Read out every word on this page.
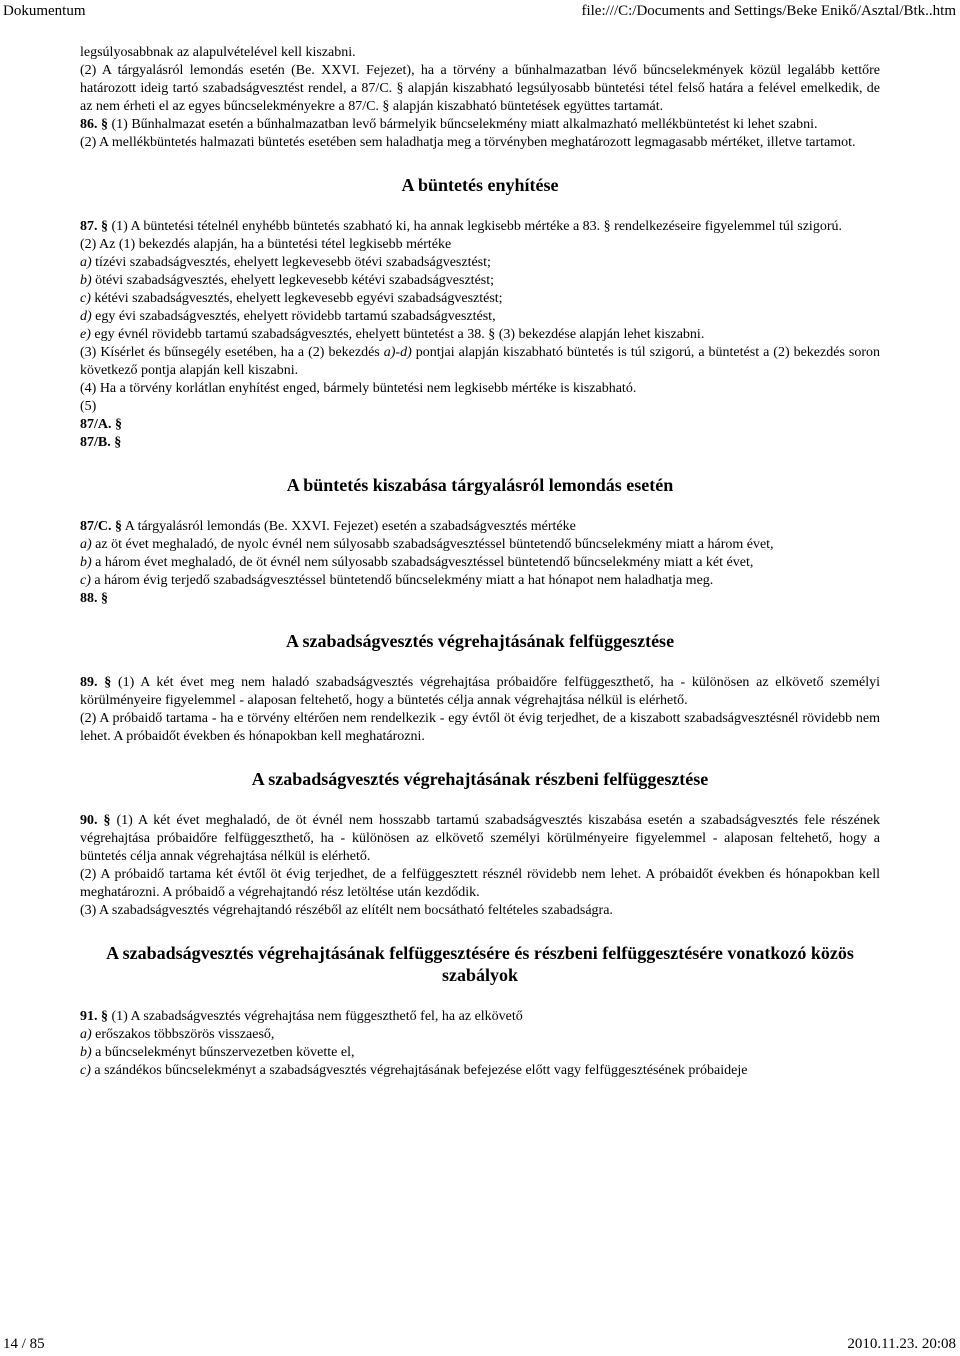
Dokumentum	file:///C:/Documents and Settings/Beke Enikő/Asztal/Btk..htm

legsúlyosabbnak az alapulvételével kell kiszabni.

(2) A tárgyalásról lemondás esetén (Be. XXVI. Fejezet), ha a törvény a bűnhalmazatban lévő bűncselekmények közül legalább kettőre határozott ideig tartó szabadságvesztést rendel, a 87/C. § alapján kiszabható legsúlyosabb büntetési tétel felső határa a felével emelkedik, de az nem érheti el az egyes bűncselekményekre a 87/C. § alapján kiszabható büntetések együttes tartamát.

86. § (1) Bűnhalmazat esetén a bűnhalmazatban levő bármelyik bűncselekmény miatt alkalmazható mellékbüntetést ki lehet szabni.

(2) A mellékbüntetés halmazati büntetés esetében sem haladhatja meg a törvényben meghatározott legmagasabb mértéket, illetve tartamot.

A büntetés enyhítése

87. § (1) A büntetési tételnél enyhébb büntetés szabható ki, ha annak legkisebb mértéke a 83. § rendelkezéseire figyelemmel túl szigorú.

(2) Az (1) bekezdés alapján, ha a büntetési tétel legkisebb mértéke

a) tízévi szabadságvesztés, ehelyett legkevesebb ötévi szabadságvesztést;

b) ötévi szabadságvesztés, ehelyett legkevesebb kétévi szabadságvesztést;

c) kétévi szabadságvesztés, ehelyett legkevesebb egyévi szabadságvesztést;

d) egy évi szabadságvesztés, ehelyett rövidebb tartamú szabadságvesztést,

e) egy évnél rövidebb tartamú szabadságvesztés, ehelyett büntetést a 38. § (3) bekezdése alapján lehet kiszabni.

(3) Kísérlet és bűnsegély esetében, ha a (2) bekezdés a)-d) pontjai alapján kiszabható büntetés is túl szigorú, a büntetést a (2) bekezdés soron következő pontja alapján kell kiszabni.

(4) Ha a törvény korlátlan enyhítést enged, bármely büntetési nem legkisebb mértéke is kiszabható.

(5)

87/A. §

87/B. §

A büntetés kiszabása tárgyalásról lemondás esetén

87/C. § A tárgyalásról lemondás (Be. XXVI. Fejezet) esetén a szabadságvesztés mértéke

a) az öt évet meghaladó, de nyolc évnél nem súlyosabb szabadságvesztéssel büntetendő bűncselekmény miatt a három évet,

b) a három évet meghaladó, de öt évnél nem súlyosabb szabadságvesztéssel büntetendő bűncselekmény miatt a két évet,

c) a három évig terjedő szabadságvesztéssel büntetendő bűncselekmény miatt a hat hónapot nem haladhatja meg.

88. §

A szabadságvesztés végrehajtásának felfüggesztése

89. § (1) A két évet meg nem haladó szabadságvesztés végrehajtása próbaidőre felfüggeszthető, ha - különösen az elkövető személyi körülményeire figyelemmel - alaposan feltehető, hogy a büntetés célja annak végrehajtása nélkül is elérhető.

(2) A próbaidő tartama - ha e törvény eltérően nem rendelkezik - egy évtől öt évig terjedhet, de a kiszabott szabadságvesztésnél rövidebb nem lehet. A próbaidőt években és hónapokban kell meghatározni.

A szabadságvesztés végrehajtásának részbeni felfüggesztése

90. § (1) A két évet meghaladó, de öt évnél nem hosszabb tartamú szabadságvesztés kiszabása esetén a szabadságvesztés fele részének végrehajtása próbaidőre felfüggeszthető, ha - különösen az elkövető személyi körülményeire figyelemmel - alaposan feltehető, hogy a büntetés célja annak végrehajtása nélkül is elérhető.

(2) A próbaidő tartama két évtől öt évig terjedhet, de a felfüggesztett résznél rövidebb nem lehet. A próbaidőt években és hónapokban kell meghatározni. A próbaidő a végrehajtandó rész letöltése után kezdődik.

(3) A szabadságvesztés végrehajtandó részéből az elítélt nem bocsátható feltételes szabadságra.

A szabadságvesztés végrehajtásának felfüggesztésére és részbeni felfüggesztésére vonatkozó közös szabályok

91. § (1) A szabadságvesztés végrehajtása nem függeszthető fel, ha az elkövető

a) erőszakos többszörös visszaeső,

b) a bűncselekményt bűnszervezetben követte el,

c) a szándékos bűncselekményt a szabadságvesztés végrehajtásának befejezése előtt vagy felfüggesztésének próbaideje

14 / 85	2010.11.23. 20:08
